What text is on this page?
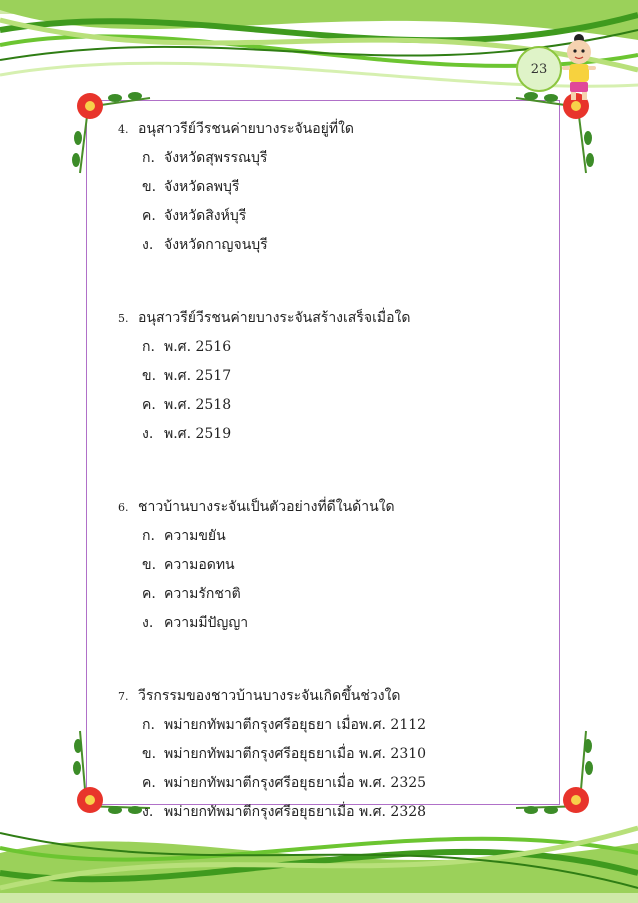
23
4. อนุสาวรีย์วีรชนค่ายบางระจันอยู่ที่ใด
ก. จังหวัดสุพรรณบุรี
ข. จังหวัดลพบุรี
ค. จังหวัดสิงห์บุรี
ง. จังหวัดกาญจนบุรี
5. อนุสาวรีย์วีรชนค่ายบางระจันสร้างเสร็จเมื่อใด
ก. พ.ศ. 2516
ข. พ.ศ. 2517
ค. พ.ศ. 2518
ง. พ.ศ. 2519
6. ชาวบ้านบางระจันเป็นตัวอย่างที่ดีในด้านใด
ก. ความขยัน
ข. ความอดทน
ค. ความรักชาติ
ง. ความมีปัญญา
7. วีรกรรมของชาวบ้านบางระจันเกิดขึ้นช่วงใด
ก. พม่ายกทัพมาตีกรุงศรีอยุธยา เมื่อพ.ศ. 2112
ข. พม่ายกทัพมาตีกรุงศรีอยุธยาเมื่อ พ.ศ. 2310
ค. พม่ายกทัพมาตีกรุงศรีอยุธยาเมื่อ พ.ศ. 2325
ง. พม่ายกทัพมาตีกรุงศรีอยุธยาเมื่อ พ.ศ. 2328
